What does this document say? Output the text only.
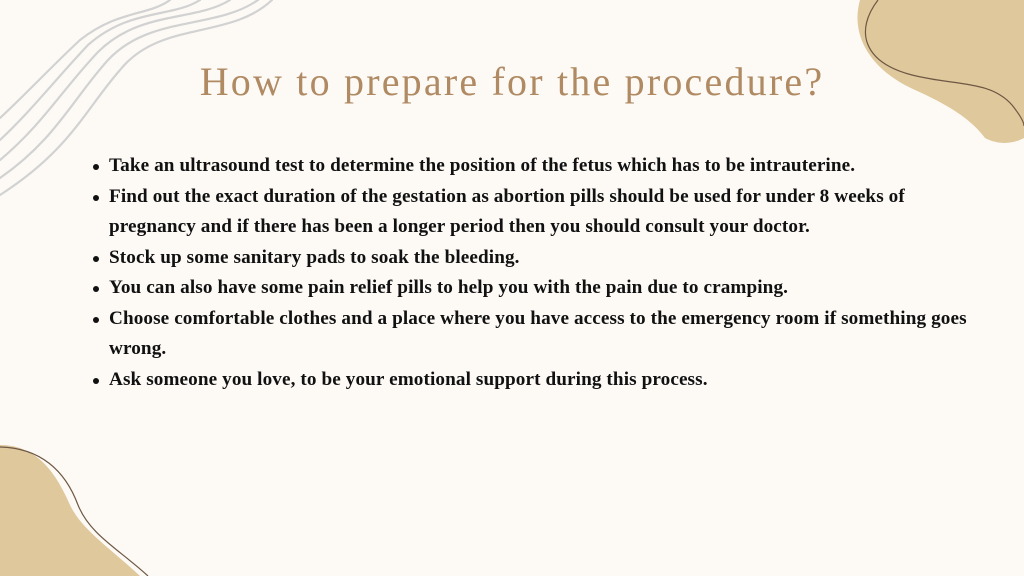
How to prepare for the procedure?
Take an ultrasound test to determine the position of the fetus which has to be intrauterine.
Find out the exact duration of the gestation as abortion pills should be used for under 8 weeks of pregnancy and if there has been a longer period then you should consult your doctor.
Stock up some sanitary pads to soak the bleeding.
You can also have some pain relief pills to help you with the pain due to cramping.
Choose comfortable clothes and a place where you have access to the emergency room if something goes wrong.
Ask someone you love, to be your emotional support during this process.
